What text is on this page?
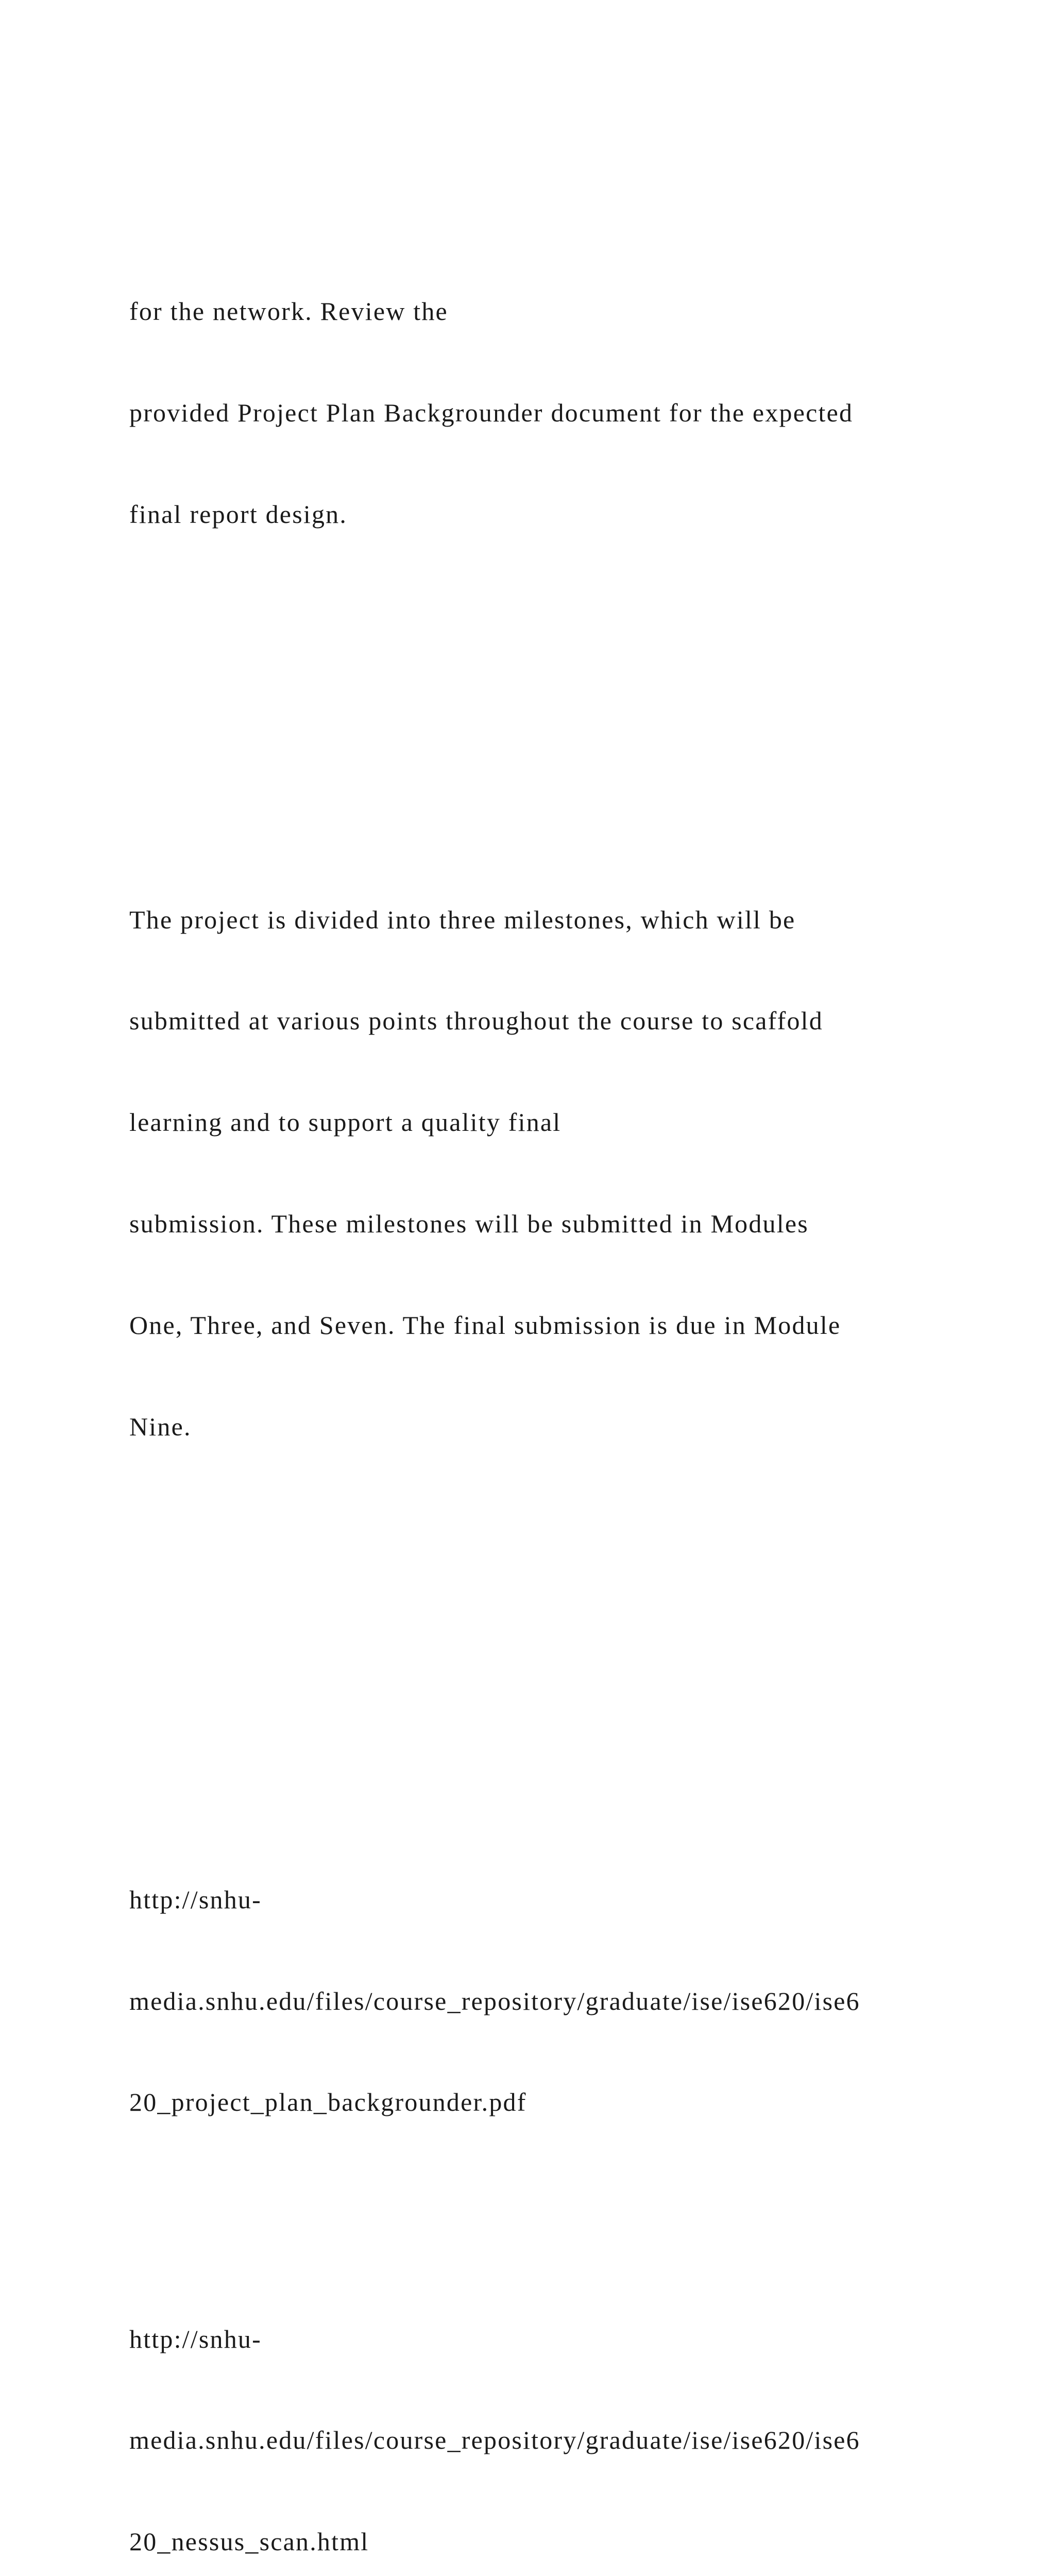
for the network. Review the

provided Project Plan Backgrounder document for the expected

final report design.

The project is divided into three milestones, which will be

submitted at various points throughout the course to scaffold

learning and to support a quality final

submission. These milestones will be submitted in Modules

One, Three, and Seven. The final submission is due in Module

Nine.

http://snhu-

media.snhu.edu/files/course_repository/graduate/ise/ise620/ise6

20_project_plan_backgrounder.pdf

http://snhu-

media.snhu.edu/files/course_repository/graduate/ise/ise620/ise6

20_nessus_scan.html
